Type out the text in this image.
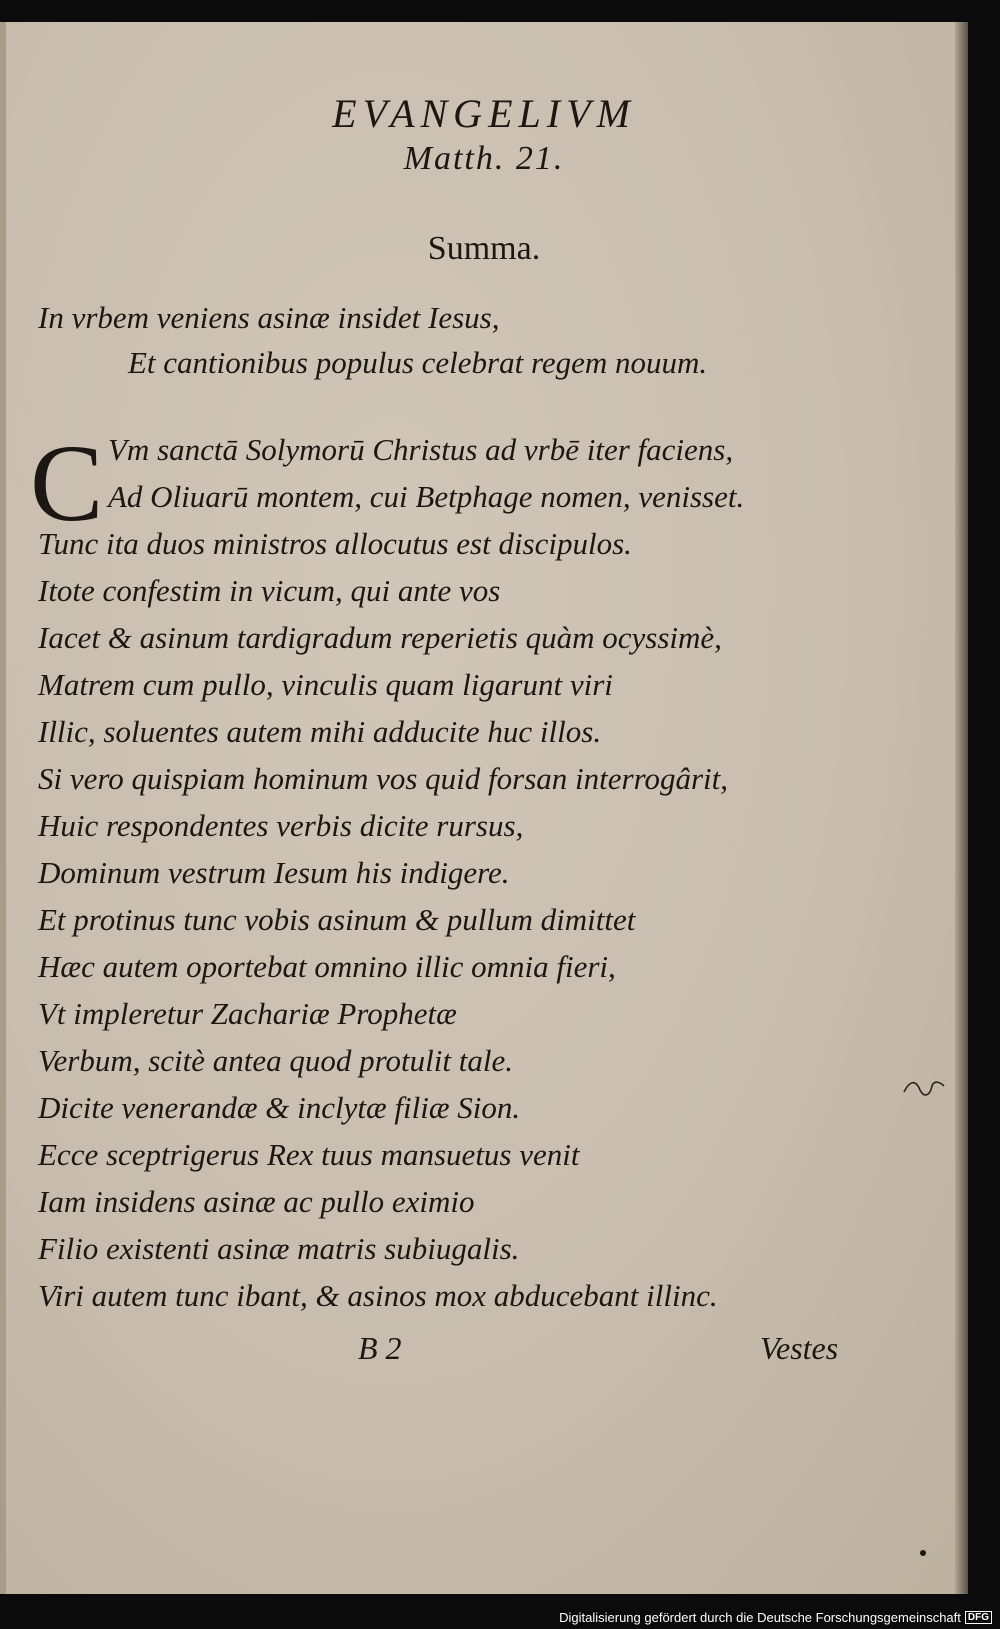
EVANGELIVM
Matth. 21.
Summa.
In vrbem veniens asinæ insidet Iesus,
Et cantionibus populus celebrat regem nouum.
C Vm sanctā Solymorū Christus ad vrbē iter faciens,
Ad Oliuarū montem, cui Betphage nomen, venisset.
Tunc ita duos ministros allocutus est discipulos.
Itote confestim in vicum, qui ante vos
Iacet & asinum tardigradum reperietis quàm ocyssimè,
Matrem cum pullo, vinculis quam ligarunt viri
Illic, soluentes autem mihi adducite huc illos.
Si vero quispiam hominum vos quid forsan interrogârit,
Huic respondentes verbis dicite rursus,
Dominum vestrum Iesum his indigere.
Et protinus tunc vobis asinum & pullum dimittet
Hæc autem oportebat omnino illic omnia fieri,
Vt impleretur Zachariæ Prophetæ
Verbum, scitè antea quod protulit tale.
Dicite venerandæ & inclytæ filiæ Sion.
Ecce sceptrigerus Rex tuus mansuetus venit
Iam insidens asinæ ac pullo eximio
Filio existenti asinæ matris subiugalis.
Viri autem tunc ibant, & asinos mox abducebant illinc.
B 2	Vestes
Digitalisierung gefördert durch die Deutsche Forschungsgemeinschaft DFG
